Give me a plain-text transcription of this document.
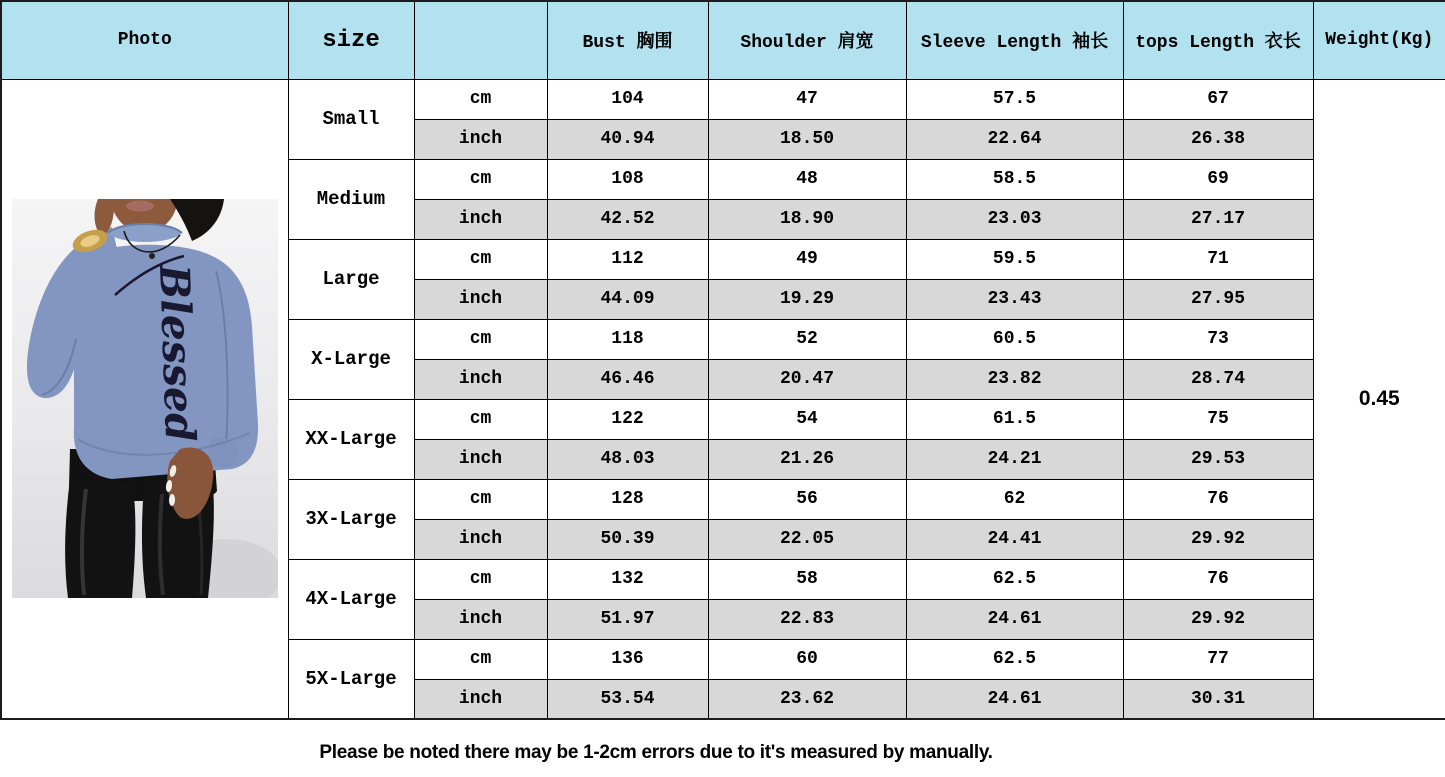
Photo	size		Bust 胸围	Shoulder 肩宽	Sleeve Length 袖长	tops Length 衣长	Weight(Kg)

Blessed	Small	cm	104	47	57.5	67	0.45
		inch	40.94	18.50	22.64	26.38	
	Medium	cm	108	48	58.5	69	
		inch	42.52	18.90	23.03	27.17	
	Large	cm	112	49	59.5	71	
		inch	44.09	19.29	23.43	27.95	
	X-Large	cm	118	52	60.5	73	
		inch	46.46	20.47	23.82	28.74	
	XX-Large	cm	122	54	61.5	75	
		inch	48.03	21.26	24.21	29.53	
	3X-Large	cm	128	56	62	76	
		inch	50.39	22.05	24.41	29.92	
	4X-Large	cm	132	58	62.5	76	
		inch	51.97	22.83	24.61	29.92	
	5X-Large	cm	136	60	62.5	77	
		inch	53.54	23.62	24.61	30.31	
Please be noted there may be 1-2cm errors due to it's measured by manually.
